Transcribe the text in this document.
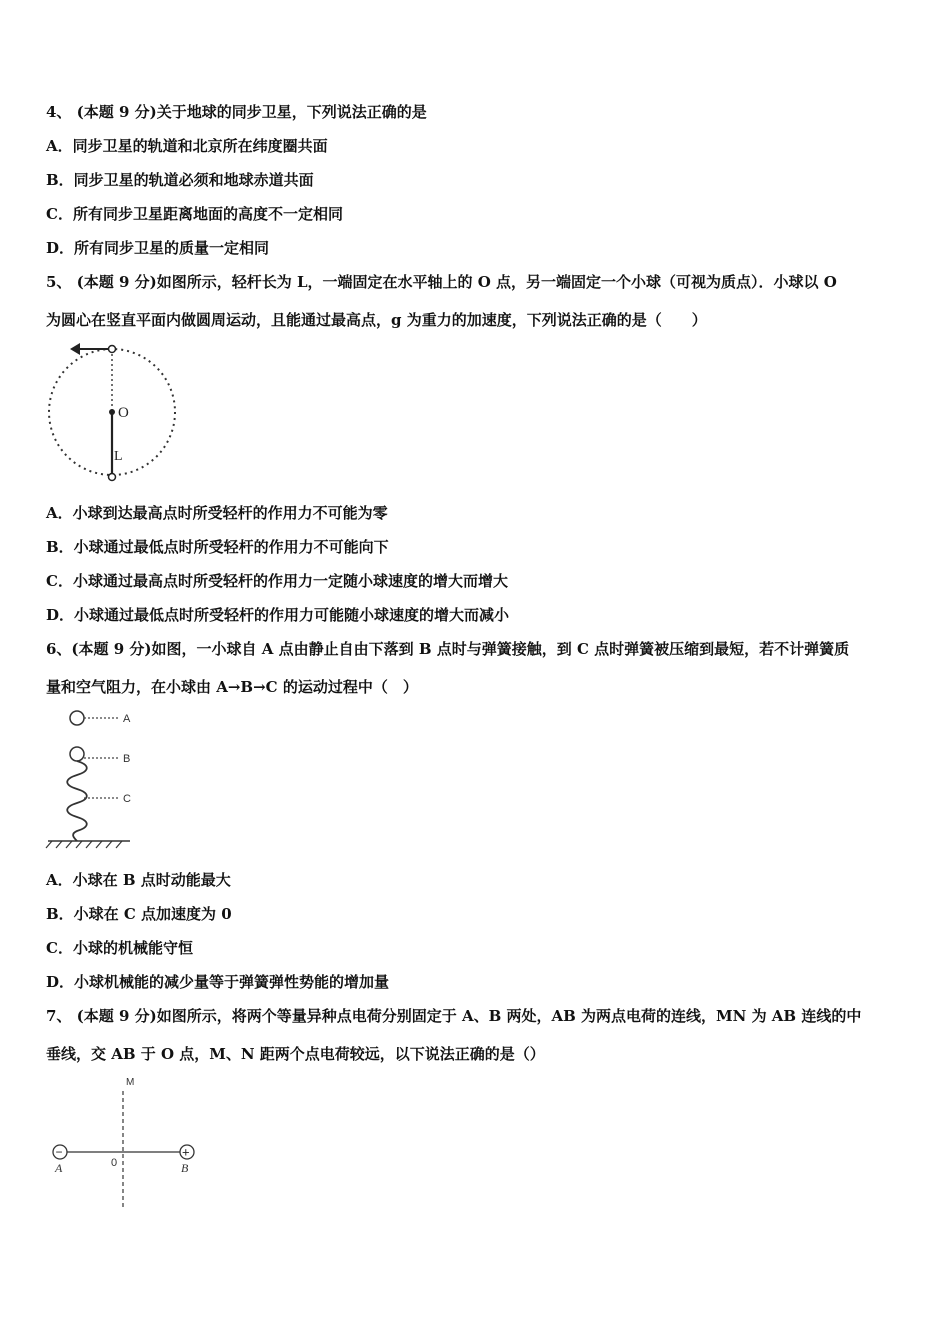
4、 (本题 9 分)关于地球的同步卫星，下列说法正确的是
A．同步卫星的轨道和北京所在纬度圈共面
B．同步卫星的轨道必须和地球赤道共面
C．所有同步卫星距离地面的高度不一定相同
D．所有同步卫星的质量一定相同
5、 (本题 9 分)如图所示，轻杆长为 L，一端固定在水平轴上的 O 点，另一端固定一个小球（可视为质点）．小球以 O
为圆心在竖直平面内做圆周运动，且能通过最高点，g 为重力的加速度，下列说法正确的是（　　）
O
L
A．小球到达最高点时所受轻杆的作用力不可能为零
B．小球通过最低点时所受轻杆的作用力不可能向下
C．小球通过最高点时所受轻杆的作用力一定随小球速度的增大而增大
D．小球通过最低点时所受轻杆的作用力可能随小球速度的增大而减小
6、(本题 9 分)如图，一小球自 A 点由静止自由下落到 B 点时与弹簧接触，到 C 点时弹簧被压缩到最短，若不计弹簧质
量和空气阻力，在小球由 A→B→C 的运动过程中（　）
A
B
C
A．小球在 B 点时动能最大
B．小球在 C 点加速度为 0
C．小球的机械能守恒
D．小球机械能的减少量等于弹簧弹性势能的增加量
7、 (本题 9 分)如图所示，将两个等量异种点电荷分别固定于 A、B 两处，AB 为两点电荷的连线，MN 为 AB 连线的中
垂线，交 AB 于 O 点，M、N 距两个点电荷较远，以下说法正确的是（）
M
−	+
0
A	B
